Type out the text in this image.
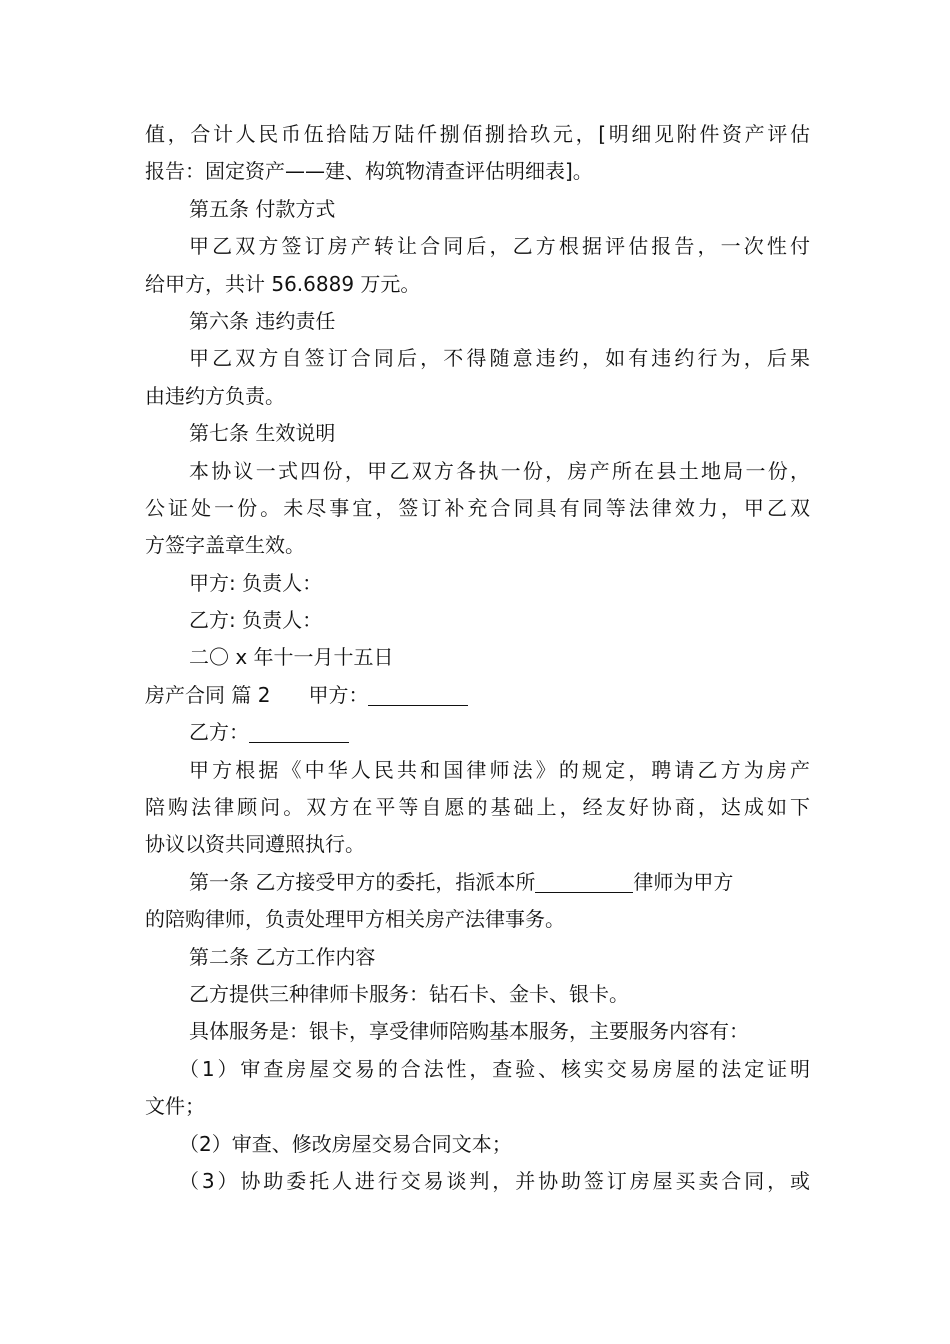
值，合计人民币伍拾陆万陆仟捌佰捌拾玖元，[明细见附件资产评估
报告：固定资产——建、构筑物清查评估明细表]。
第五条 付款方式
甲乙双方签订房产转让合同后，乙方根据评估报告，一次性付
给甲方，共计 56.6889 万元。
第六条 违约责任
甲乙双方自签订合同后，不得随意违约，如有违约行为，后果
由违约方负责。
第七条 生效说明
本协议一式四份，甲乙双方各执一份，房产所在县土地局一份，
公证处一份。未尽事宜，签订补充合同具有同等法律效力，甲乙双
方签字盖章生效。
甲方: 负责人：
乙方: 负责人：
二〇 x 年十一月十五日
房产合同 篇 2 甲方：
乙方：
甲方根据《中华人民共和国律师法》的规定，聘请乙方为房产
陪购法律顾问。双方在平等自愿的基础上，经友好协商，达成如下
协议以资共同遵照执行。
第一条 乙方接受甲方的委托，指派本所	律师为甲方
的陪购律师，负责处理甲方相关房产法律事务。
第二条 乙方工作内容
乙方提供三种律师卡服务：钻石卡、金卡、银卡。
具体服务是：银卡，享受律师陪购基本服务，主要服务内容有：
（1）审查房屋交易的合法性，查验、核实交易房屋的法定证明
文件；
（2）审查、修改房屋交易合同文本；
（3）协助委托人进行交易谈判，并协助签订房屋买卖合同，或
